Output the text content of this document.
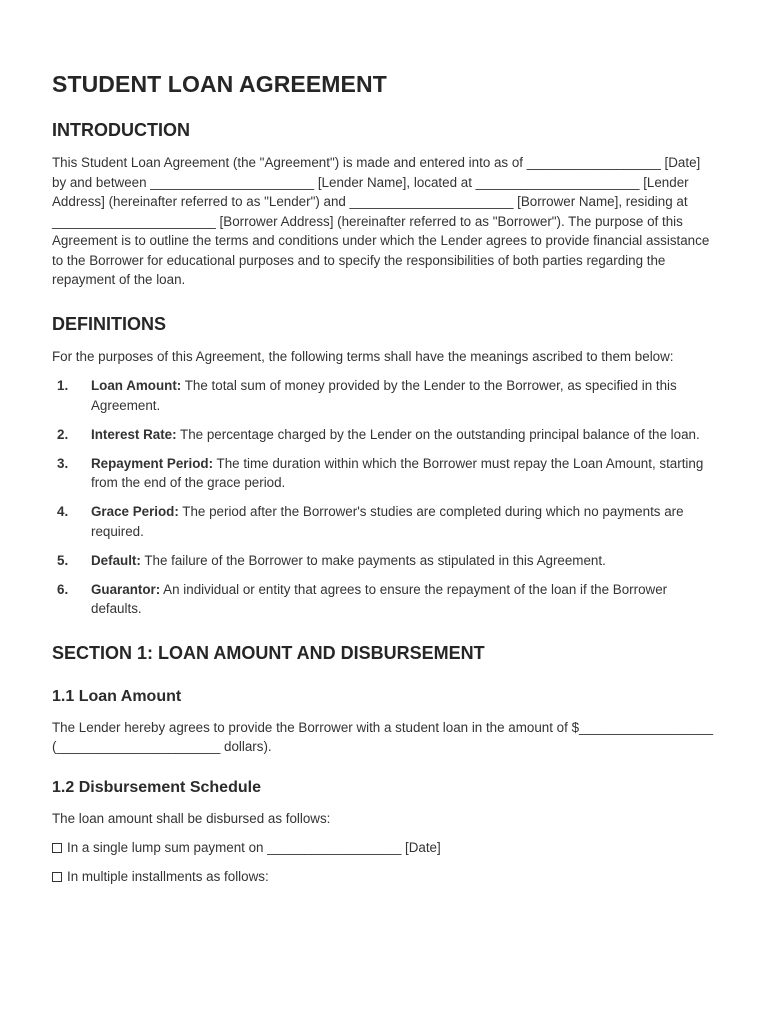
STUDENT LOAN AGREEMENT
INTRODUCTION

This Student Loan Agreement (the "Agreement") is made and entered into as of __________________ [Date] by and between ______________________ [Lender Name], located at ______________________ [Lender Address] (hereinafter referred to as "Lender") and ______________________ [Borrower Name], residing at ______________________ [Borrower Address] (hereinafter referred to as "Borrower"). The purpose of this Agreement is to outline the terms and conditions under which the Lender agrees to provide financial assistance to the Borrower for educational purposes and to specify the responsibilities of both parties regarding the repayment of the loan.

DEFINITIONS

For the purposes of this Agreement, the following terms shall have the meanings ascribed to them below:

1. Loan Amount: The total sum of money provided by the Lender to the Borrower, as specified in this Agreement.
2. Interest Rate: The percentage charged by the Lender on the outstanding principal balance of the loan.
3. Repayment Period: The time duration within which the Borrower must repay the Loan Amount, starting from the end of the grace period.
4. Grace Period: The period after the Borrower's studies are completed during which no payments are required.
5. Default: The failure of the Borrower to make payments as stipulated in this Agreement.
6. Guarantor: An individual or entity that agrees to ensure the repayment of the loan if the Borrower defaults.
SECTION 1: LOAN AMOUNT AND DISBURSEMENT
1.1 Loan Amount

The Lender hereby agrees to provide the Borrower with a student loan in the amount of $__________________ (______________________ dollars).

1.2 Disbursement Schedule

The loan amount shall be disbursed as follows:

In a single lump sum payment on __________________ [Date]
In multiple installments as follows:
